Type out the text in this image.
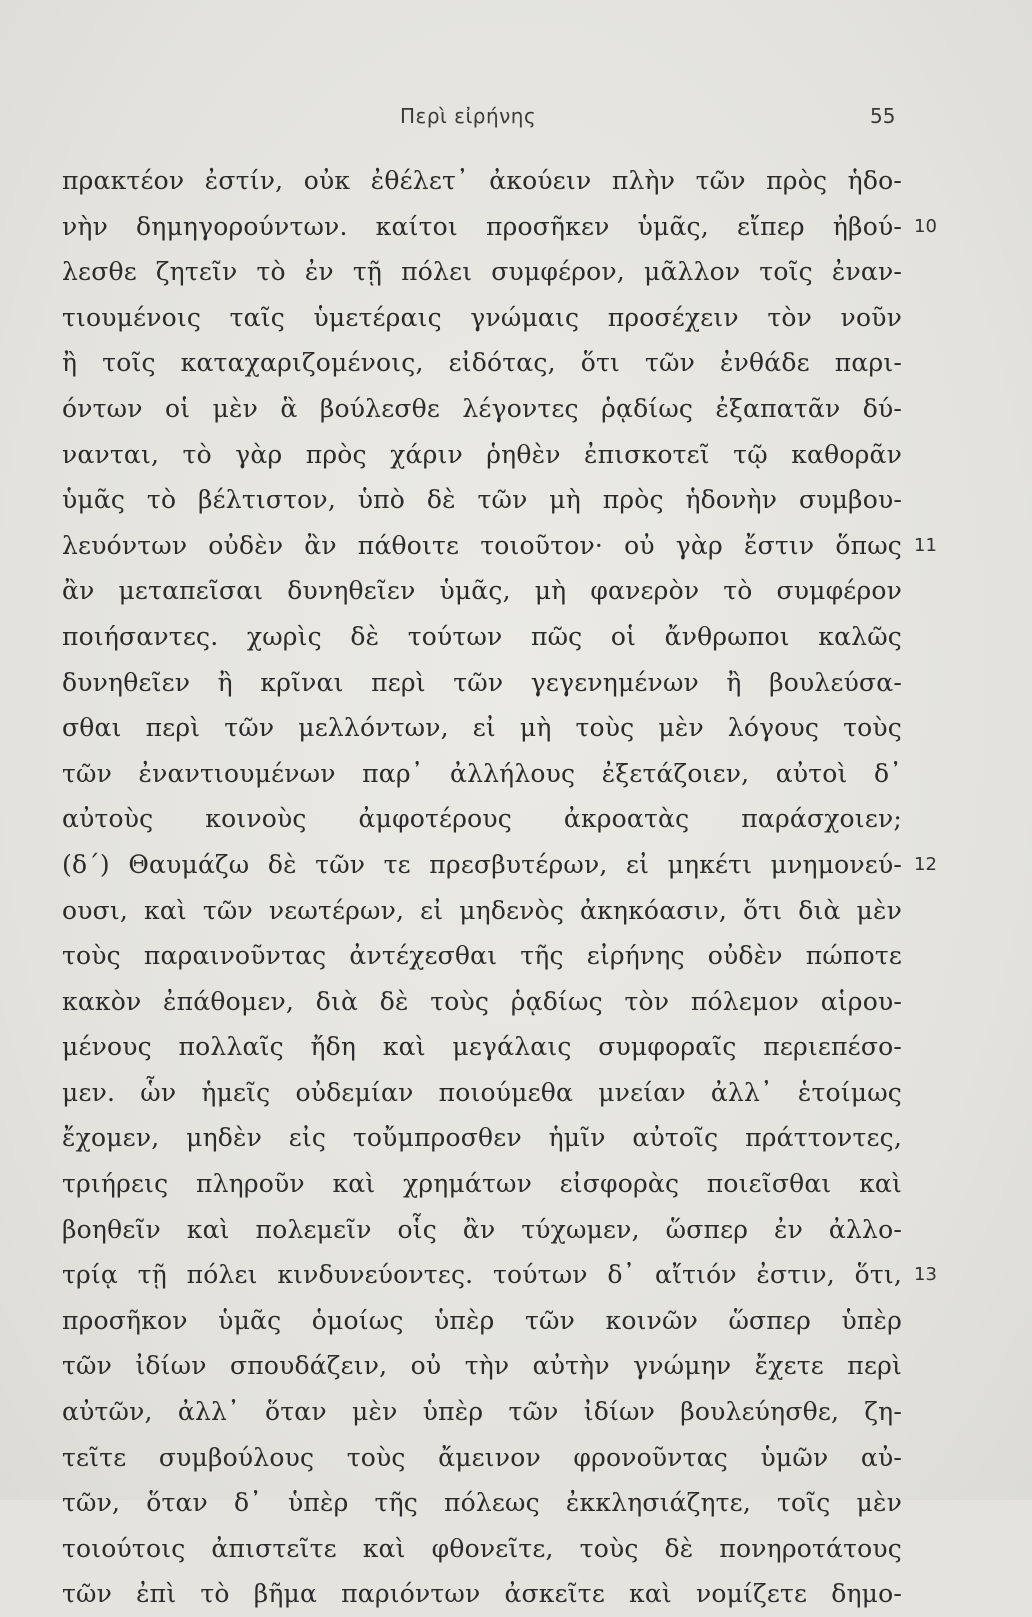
Περὶ εἰρήνης	55
πρακτέον ἐστίν, οὐκ ἐθέλετ᾽ ἀκούειν πλὴν τῶν πρὸς ἡδο-
νὴν δημηγορούντων. καίτοι προσῆκεν ὑμᾶς, εἴπερ ἠβού-
λεσθε ζητεῖν τὸ ἐν τῇ πόλει συμφέρον, μᾶλλον τοῖς ἐναν-
τιουμένοις ταῖς ὑμετέραις γνώμαις προσέχειν τὸν νοῦν
ἢ τοῖς καταχαριζομένοις, εἰδότας, ὅτι τῶν ἐνθάδε παρι-
όντων οἱ μὲν ἃ βούλεσθε λέγοντες ῥᾳδίως ἐξαπατᾶν δύ-
νανται, τὸ γὰρ πρὸς χάριν ῥηθὲν ἐπισκοτεῖ τῷ καθορᾶν
ὑμᾶς τὸ βέλτιστον, ὑπὸ δὲ τῶν μὴ πρὸς ἡδονὴν συμβου-
λευόντων οὐδὲν ἂν πάθοιτε τοιοῦτον· οὐ γὰρ ἔστιν ὅπως
ἂν μεταπεῖσαι δυνηθεῖεν ὑμᾶς, μὴ φανερὸν τὸ συμφέρον
ποιήσαντες. χωρὶς δὲ τούτων πῶς οἱ ἄνθρωποι καλῶς
δυνηθεῖεν ἢ κρῖναι περὶ τῶν γεγενημένων ἢ βουλεύσα-
σθαι περὶ τῶν μελλόντων, εἰ μὴ τοὺς μὲν λόγους τοὺς
τῶν ἐναντιουμένων παρ᾽ ἀλλήλους ἐξετάζοιεν, αὐτοὶ δ᾽
αὐτοὺς κοινοὺς ἀμφοτέρους ἀκροατὰς παράσχοιεν;
(δ΄) Θαυμάζω δὲ τῶν τε πρεσβυτέρων, εἰ μηκέτι μνημονεύ-
ουσι, καὶ τῶν νεωτέρων, εἰ μηδενὸς ἀκηκόασιν, ὅτι διὰ μὲν
τοὺς παραινοῦντας ἀντέχεσθαι τῆς εἰρήνης οὐδὲν πώποτε
κακὸν ἐπάθομεν, διὰ δὲ τοὺς ῥᾳδίως τὸν πόλεμον αἱρου-
μένους πολλαῖς ἤδη καὶ μεγάλαις συμφοραῖς περιεπέσο-
μεν. ὧν ἡμεῖς οὐδεμίαν ποιούμεθα μνείαν ἀλλ᾽ ἑτοίμως
ἔχομεν, μηδὲν εἰς τοὔμπροσθεν ἡμῖν αὐτοῖς πράττοντες,
τριήρεις πληροῦν καὶ χρημάτων εἰσφορὰς ποιεῖσθαι καὶ
βοηθεῖν καὶ πολεμεῖν οἷς ἂν τύχωμεν, ὥσπερ ἐν ἀλλο-
τρίᾳ τῇ πόλει κινδυνεύοντες. τούτων δ᾽ αἴτιόν ἐστιν, ὅτι,
προσῆκον ὑμᾶς ὁμοίως ὑπὲρ τῶν κοινῶν ὥσπερ ὑπὲρ
τῶν ἰδίων σπουδάζειν, οὐ τὴν αὐτὴν γνώμην ἔχετε περὶ
αὐτῶν, ἀλλ᾽ ὅταν μὲν ὑπὲρ τῶν ἰδίων βουλεύησθε, ζη-
τεῖτε συμβούλους τοὺς ἄμεινον φρονοῦντας ὑμῶν αὐ-
τῶν, ὅταν δ᾽ ὑπὲρ τῆς πόλεως ἐκκλησιάζητε, τοῖς μὲν
τοιούτοις ἀπιστεῖτε καὶ φθονεῖτε, τοὺς δὲ πονηροτάτους
τῶν ἐπὶ τὸ βῆμα παριόντων ἀσκεῖτε καὶ νομίζετε δημο-
10
11
12
13
